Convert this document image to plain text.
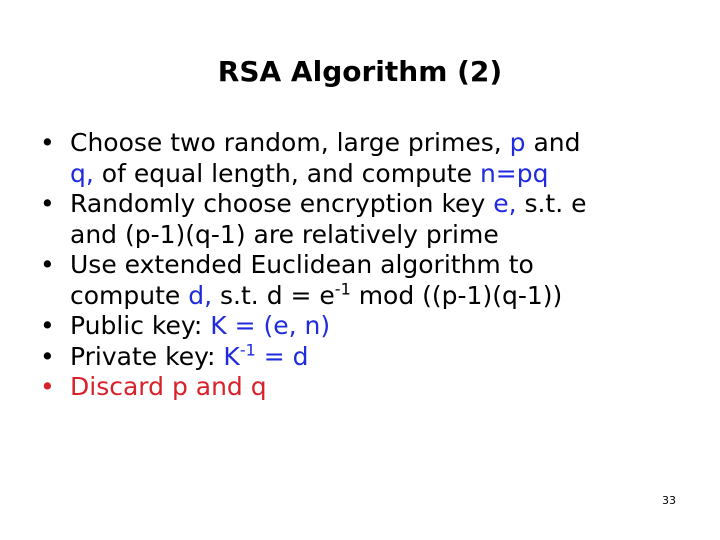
RSA Algorithm (2)
• Choose two random, large primes, p and
q, of equal length, and compute n=pq
• Randomly choose encryption key e, s.t. e
and (p-1)(q-1) are relatively prime
• Use extended Euclidean algorithm to
compute d, s.t. $d = e^{-1}$ mod ((p-1)(q-1))
• Public key: K = (e, n)
• Private key: $K^{-1} = d$
• Discard p and q
33
